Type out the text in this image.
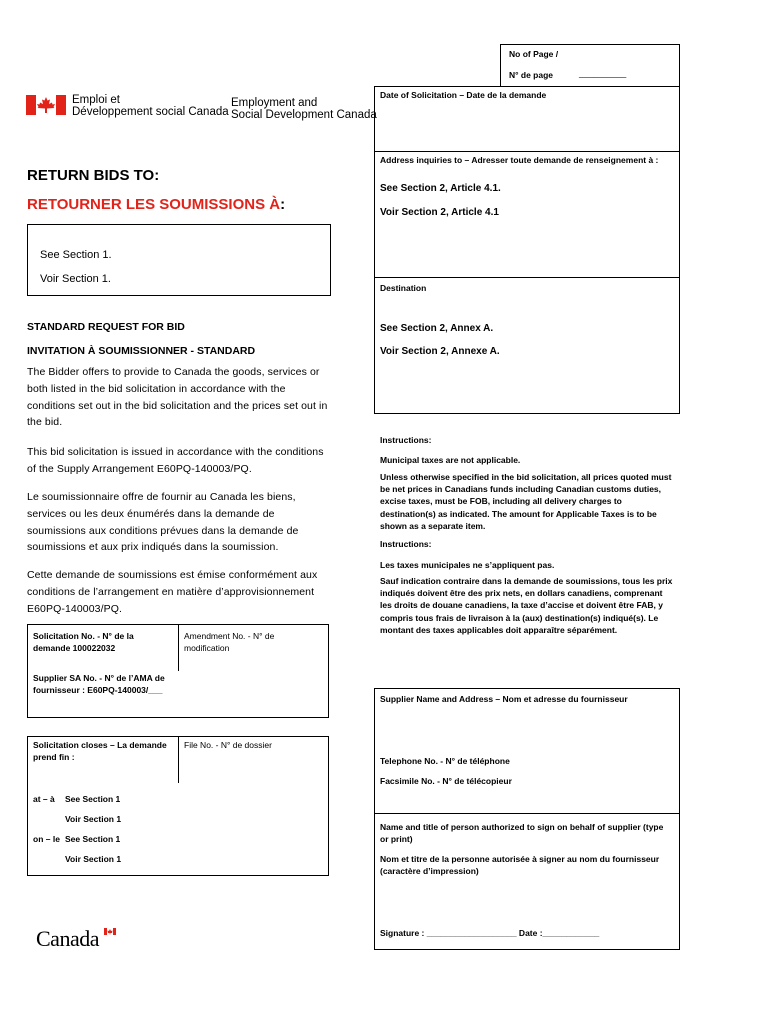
Emploi et
Développement social Canada
Employment and
Social Development Canada
No of Page /
N° de page	__________
Date of Solicitation – Date de la demande
Address inquiries to – Adresser toute demande de renseignement à :
See Section 2, Article 4.1.
Voir Section 2, Article 4.1
Destination
See Section 2, Annex A.
Voir Section 2, Annexe A.
Instructions:
Municipal taxes are not applicable.
Unless otherwise specified in the bid solicitation, all prices quoted must be net prices in Canadians funds including Canadian customs duties, excise taxes, must be FOB, including all delivery charges to destination(s) as indicated. The amount for Applicable Taxes is to be shown as a separate item.
Instructions:
Les taxes municipales ne s’appliquent pas.
Sauf indication contraire dans la demande de soumissions, tous les prix indiqués doivent être des prix nets, en dollars canadiens, comprenant les droits de douane canadiens, la taxe d’accise et doivent être FAB, y compris tous frais de livraison à la (aux) destination(s) indiqué(s). Le montant des taxes applicables doit apparaître séparément.
Supplier Name and Address – Nom et adresse du fournisseur
Telephone No. - N° de téléphone
Facsimile No. - N° de télécopieur
Name and title of person authorized to sign on behalf of supplier (type or print)
Nom et titre de la personne autorisée à signer au nom du fournisseur (caractère d’impression)
Signature : ___________________ Date :____________
RETURN BIDS TO:
RETOURNER LES SOUMISSIONS À:
See Section 1.
Voir Section 1.
STANDARD REQUEST FOR BID
INVITATION À SOUMISSIONNER - STANDARD
The Bidder offers to provide to Canada the goods, services or both listed in the bid solicitation in accordance with the conditions set out in the bid solicitation and the prices set out in the bid.
This bid solicitation is issued in accordance with the conditions of the Supply Arrangement E60PQ-140003/PQ.
Le soumissionnaire offre de fournir au Canada les biens, services ou les deux énumérés dans la demande de soumissions aux conditions prévues dans la demande de soumissions et aux prix indiqués dans la soumission.
Cette demande de soumissions est émise conformément aux conditions de l’arrangement en matière d’approvisionnement E60PQ-140003/PQ.
Solicitation No. - N° de la demande 100022032
Amendment No. - N° de modification
Supplier SA No. - N° de l’AMA de fournisseur : E60PQ-140003/___
Solicitation closes – La demande prend fin :
File No. - N° de dossier
at – à See Section 1
Voir Section 1
on – le See Section 1
Voir Section 1
Canada
